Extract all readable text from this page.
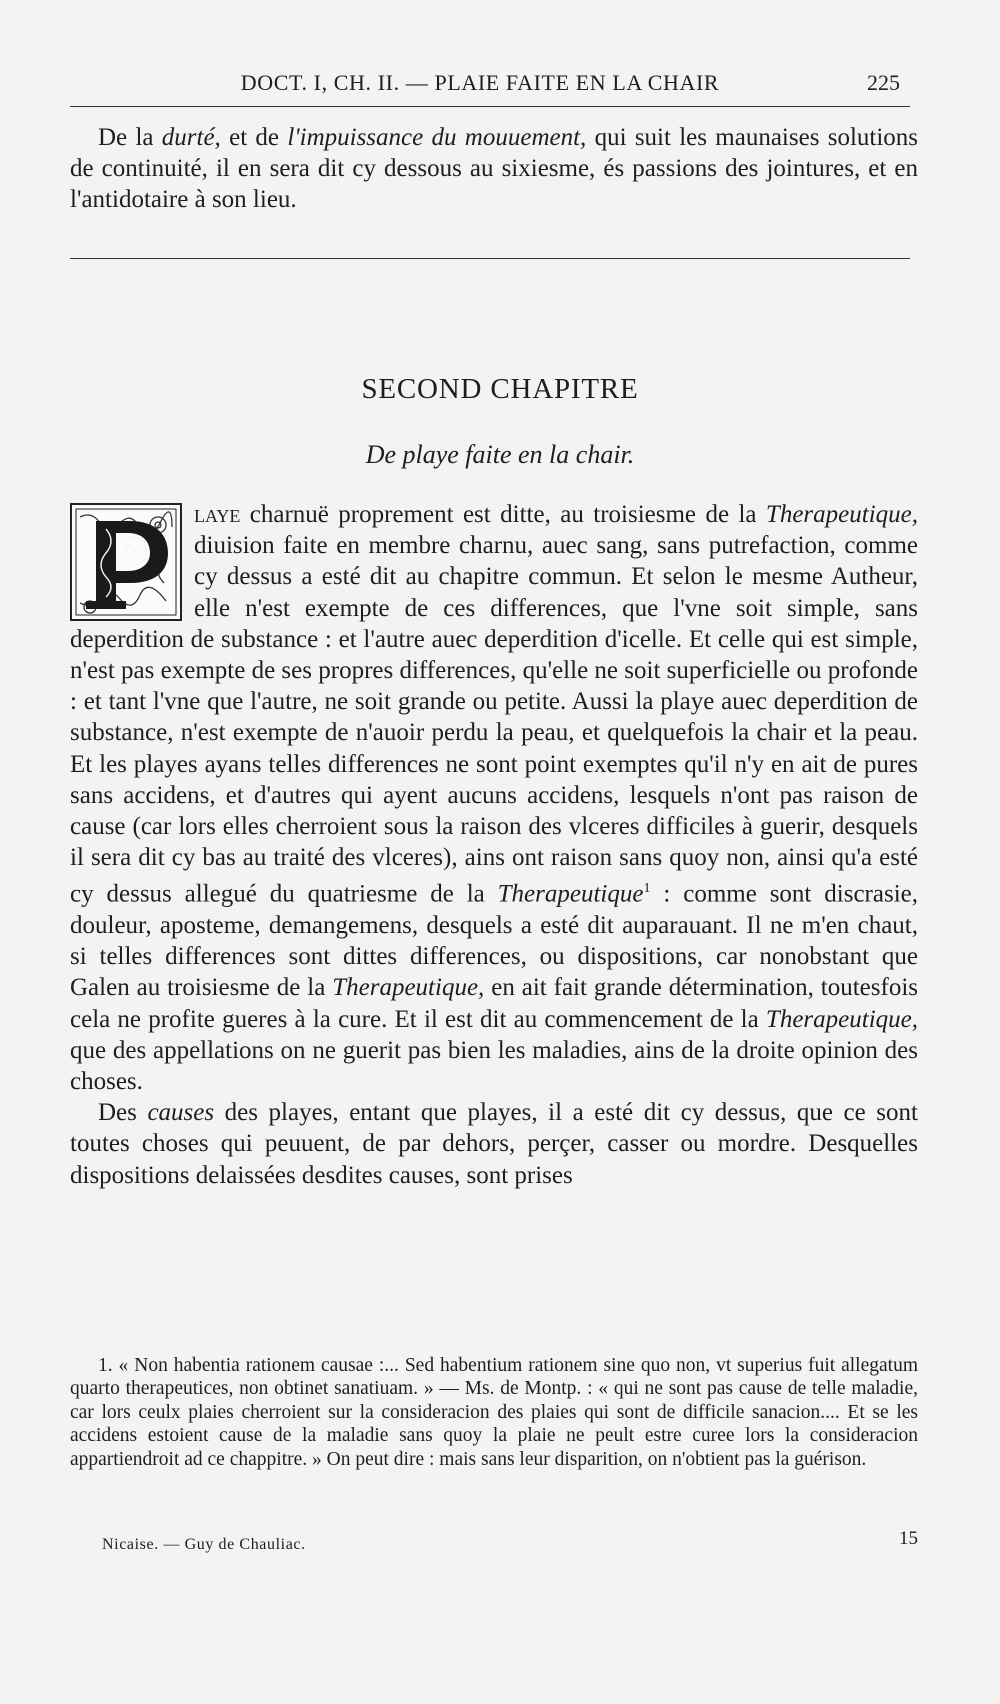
DOCT. I, CH. II. — PLAIE FAITE EN LA CHAIR	225

De la durté, et de l'impuissance du mouuement, qui suit les maunaises solutions de continuité, il en sera dit cy dessous au sixiesme, és passions des jointures, et en l'antidotaire à son lieu.

SECOND CHAPITRE
De playe faite en la chair.

laye charnuë proprement est ditte, au troisiesme de la Therapeutique, diuision faite en membre charnu, auec sang, sans putrefaction, comme cy dessus a esté dit au chapitre commun. Et selon le mesme Autheur, elle n'est exempte de ces differences, que l'vne soit simple, sans deperdition de substance : et l'autre auec deperdition d'icelle. Et celle qui est simple, n'est pas exempte de ses propres differences, qu'elle ne soit superficielle ou profonde : et tant l'vne que l'autre, ne soit grande ou petite. Aussi la playe auec deperdition de substance, n'est exempte de n'auoir perdu la peau, et quelquefois la chair et la peau. Et les playes ayans telles differences ne sont point exemptes qu'il n'y en ait de pures sans accidens, et d'autres qui ayent aucuns accidens, lesquels n'ont pas raison de cause (car lors elles cherroient sous la raison des vlceres difficiles à guerir, desquels il sera dit cy bas au traité des vlceres), ains ont raison sans quoy non, ainsi qu'a esté cy dessus allegué du quatriesme de la Therapeutique$^1$ : comme sont discrasie, douleur, aposteme, demangemens, desquels a esté dit auparauant. Il ne m'en chaut, si telles differences sont dittes differences, ou dispositions, car nonobstant que Galen au troisiesme de la Therapeutique, en ait fait grande détermination, toutesfois cela ne profite gueres à la cure. Et il est dit au commencement de la Therapeutique, que des appellations on ne guerit pas bien les maladies, ains de la droite opinion des choses.

Des causes des playes, entant que playes, il a esté dit cy dessus, que ce sont toutes choses qui peuuent, de par dehors, perçer, casser ou mordre. Desquelles dispositions delaissées desdites causes, sont prises

1. « Non habentia rationem causae :... Sed habentium rationem sine quo non, vt superius fuit allegatum quarto therapeutices, non obtinet sanatiuam. » — Ms. de Montp. : « qui ne sont pas cause de telle maladie, car lors ceulx plaies cherroient sur la consideracion des plaies qui sont de difficile sanacion.... Et se les accidens estoient cause de la maladie sans quoy la plaie ne peult estre curee lors la consideracion appartiendroit ad ce chappitre. » On peut dire : mais sans leur disparition, on n'obtient pas la guérison.

Nicaise. — Guy de Chauliac.	15
